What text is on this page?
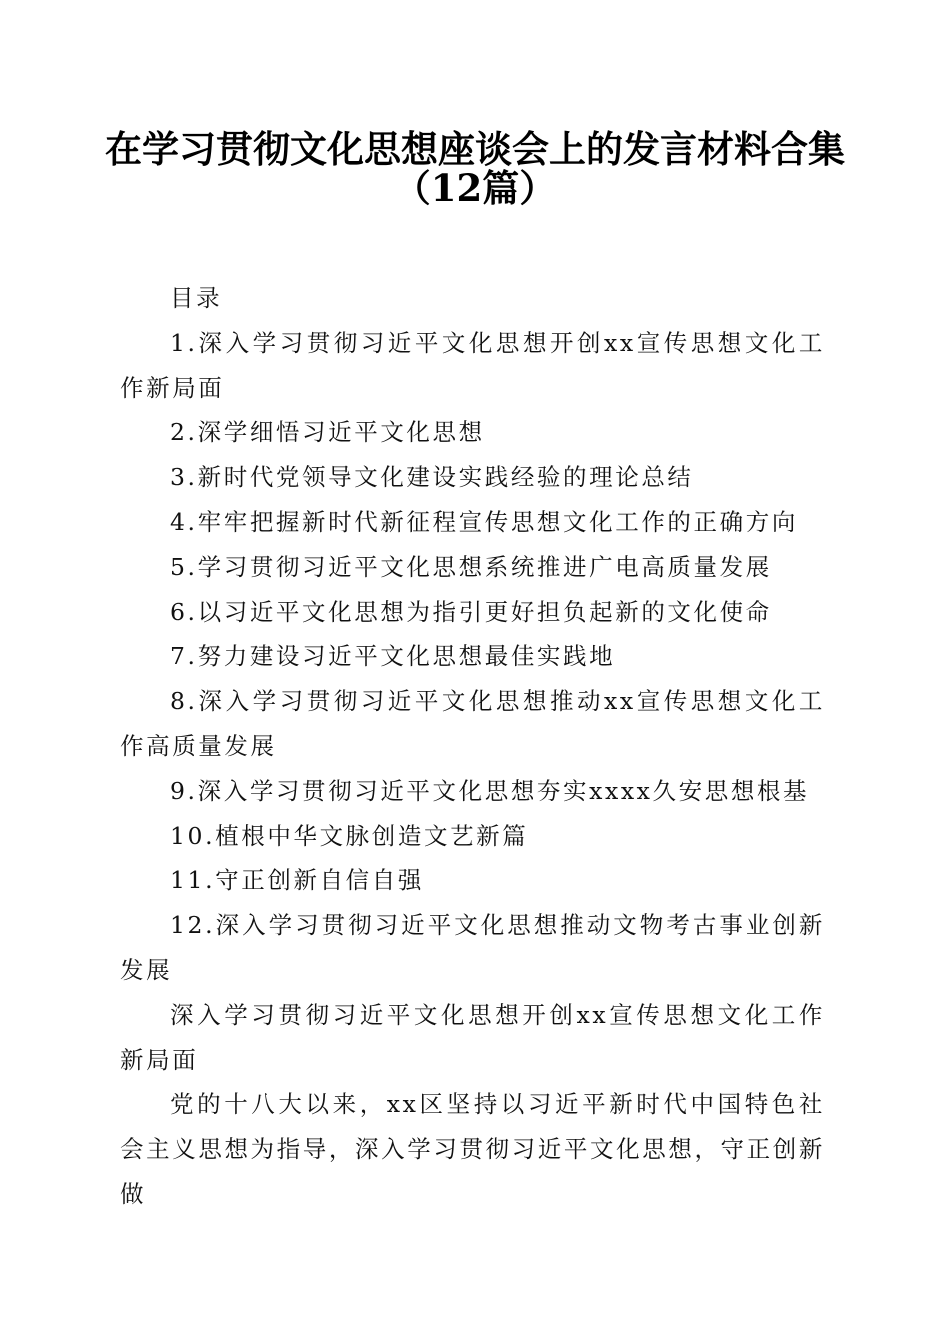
在学习贯彻文化思想座谈会上的发言材料合集
（12篇）

目录

1.深入学习贯彻习近平文化思想开创xx宣传思想文化工作新局面

2.深学细悟习近平文化思想

3.新时代党领导文化建设实践经验的理论总结

4.牢牢把握新时代新征程宣传思想文化工作的正确方向

5.学习贯彻习近平文化思想系统推进广电高质量发展

6.以习近平文化思想为指引更好担负起新的文化使命

7.努力建设习近平文化思想最佳实践地

8.深入学习贯彻习近平文化思想推动xx宣传思想文化工作高质量发展

9.深入学习贯彻习近平文化思想夯实xxxx久安思想根基

10.植根中华文脉创造文艺新篇

11.守正创新自信自强

12.深入学习贯彻习近平文化思想推动文物考古事业创新发展

深入学习贯彻习近平文化思想开创xx宣传思想文化工作新局面

党的十八大以来，xx区坚持以习近平新时代中国特色社会主义思想为指导，深入学习贯彻习近平文化思想，守正创新做
